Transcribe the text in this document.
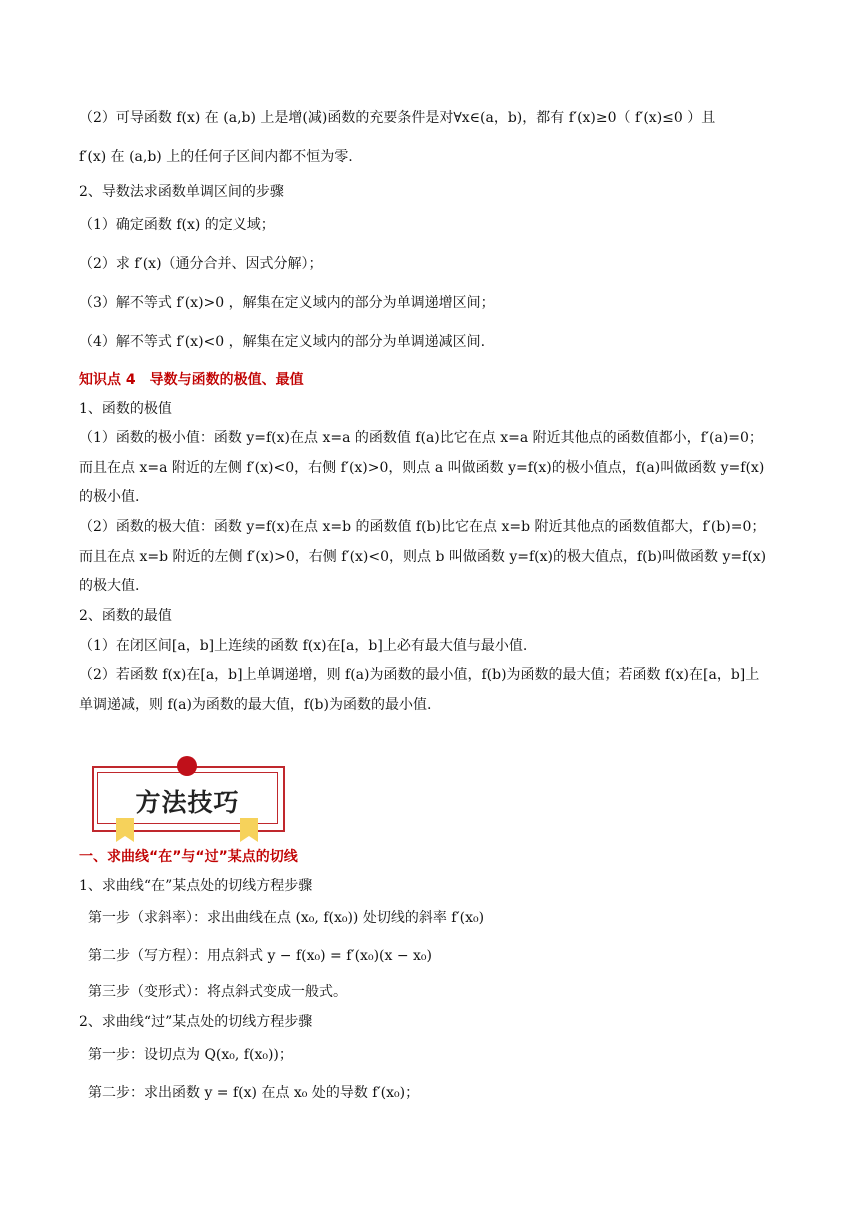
（2）可导函数 f(x) 在 (a,b) 上是增(减)函数的充要条件是对∀x∈(a，b)，都有 f′(x)≥0（ f′(x)≤0 ）且
f′(x) 在 (a,b) 上的任何子区间内都不恒为零.
2、导数法求函数单调区间的步骤
（1）确定函数 f(x) 的定义域；
（2）求 f′(x)（通分合并、因式分解）；
（3）解不等式 f′(x)>0 ，解集在定义域内的部分为单调递增区间；
（4）解不等式 f′(x)<0 ，解集在定义域内的部分为单调递减区间.
知识点 4　导数与函数的极值、最值
1、函数的极值
（1）函数的极小值：函数 y=f(x)在点 x=a 的函数值 f(a)比它在点 x=a 附近其他点的函数值都小，f′(a)=0；
而且在点 x=a 附近的左侧 f′(x)<0，右侧 f′(x)>0，则点 a 叫做函数 y=f(x)的极小值点，f(a)叫做函数 y=f(x)
的极小值.
（2）函数的极大值：函数 y=f(x)在点 x=b 的函数值 f(b)比它在点 x=b 附近其他点的函数值都大，f′(b)=0；
而且在点 x=b 附近的左侧 f′(x)>0，右侧 f′(x)<0，则点 b 叫做函数 y=f(x)的极大值点，f(b)叫做函数 y=f(x)
的极大值.
2、函数的最值
（1）在闭区间[a，b]上连续的函数 f(x)在[a，b]上必有最大值与最小值.
（2）若函数 f(x)在[a，b]上单调递增，则 f(a)为函数的最小值，f(b)为函数的最大值；若函数 f(x)在[a，b]上
单调递减，则 f(a)为函数的最大值，f(b)为函数的最小值.
方法技巧
一、求曲线“在”与“过”某点的切线
1、求曲线“在”某点处的切线方程步骤
第一步（求斜率）：求出曲线在点 (x₀, f(x₀)) 处切线的斜率 f′(x₀)
第二步（写方程）：用点斜式 y − f(x₀) = f′(x₀)(x − x₀)
第三步（变形式）：将点斜式变成一般式。
2、求曲线“过”某点处的切线方程步骤
第一步：设切点为 Q(x₀, f(x₀))；
第二步：求出函数 y = f(x) 在点 x₀ 处的导数 f′(x₀)；
